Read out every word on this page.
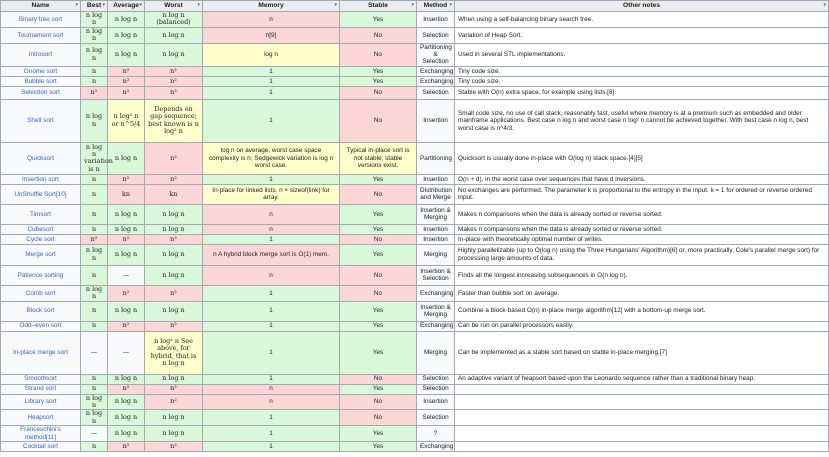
Name ▾	Best ▾	Average ▾	Worst ▾	Memory ▾	Stable ▾	Method ▾	Other notes ▾

Binary tree sort	n log n	n log n	n log n (balanced)	n	Yes	Insertion	When using a self-balancing binary search tree.
Tournament sort	n log n	n log n	n log n	n[9]	No	Selection	Variation of Heap Sort.
Introsort	n log n	n log n	n log n	log n	No	Partitioning & Selection	Used in several STL implementations.
Gnome sort	n	n²	n²	1	Yes	Exchanging	Tiny code size.
Bubble sort	n	n²	n²	1	Yes	Exchanging	Tiny code size.
Selection sort	n²	n²	n²	1	No	Selection	Stable with O(n) extra space, for example using lists.[8]
Shell sort	n log n	n log² n or n^5/4	Depends on gap sequence; best known is n log² n	1	No	Insertion	Small code size, no use of call stack, reasonably fast, useful where memory is at a premium such as embedded and older mainframe applications. Best case n log n and worst case n log² n cannot be achieved together. With best case n log n, best worst case is n^4/3.
Quicksort	n log n variation is n	n log n	n²	log n on average, worst case space complexity is n; Sedgewick variation is log n worst case.	Typical in-place sort is not stable; stable versions exist.	Partitioning	Quicksort is usually done in-place with O(log n) stack space.[4][5]
Insertion sort	n	n²	n²	1	Yes	Insertion	O(n + d), in the worst case over sequences that have d inversions.
UnShuffle Sort[10]	n	kn	kn	In-place for linked lists. n × sizeof(link) for array.	No	Distribution and Merge	No exchanges are performed. The parameter k is proportional to the entropy in the input. k = 1 for ordered or reverse ordered input.
Timsort	n	n log n	n log n	n	Yes	Insertion & Merging	Makes n comparisons when the data is already sorted or reverse sorted.
Cubesort	n	n log n	n log n	n	Yes	Insertion	Makes n comparisons when the data is already sorted or reverse sorted.
Cycle sort	n²	n²	n²	1	No	Insertion	In-place with theoretically optimal number of writes.
Merge sort	n log n	n log n	n log n	n A hybrid block merge sort is O(1) mem.	Yes	Merging	Highly parallelizable (up to O(log n) using the Three Hungarians' Algorithm)[6] or, more practically, Cole's parallel merge sort) for processing large amounts of data.
Patience sorting	n	—	n log n	n	No	Insertion & Selection	Finds all the longest increasing subsequences in O(n log n).
Comb sort	n log n	n²	n²	1	No	Exchanging	Faster than bubble sort on average.
Block sort	n	n log n	n log n	1	Yes	Insertion & Merging	Combine a block-based O(n) in-place merge algorithm[12] with a bottom-up merge sort.
Odd–even sort	n	n²	n²	1	Yes	Exchanging	Can be run on parallel processors easily.
In-place merge sort	—	—	n log² n See above, for hybrid, that is n log n	1	Yes	Merging	Can be implemented as a stable sort based on stable in-place merging.[7]
Smoothsort	n	n log n	n log n	1	No	Selection	An adaptive variant of heapsort based upon the Leonardo sequence rather than a traditional binary heap.
Strand sort	n	n²	n²	n	Yes	Selection	
Library sort	n log n	n log n	n²	n	No	Insertion	
Heapsort	n log n	n log n	n log n	1	No	Selection	
Franceschini's method[11]	—	n log n	n log n	1	Yes	?	
Cocktail sort	n	n²	n²	1	Yes	Exchanging	
